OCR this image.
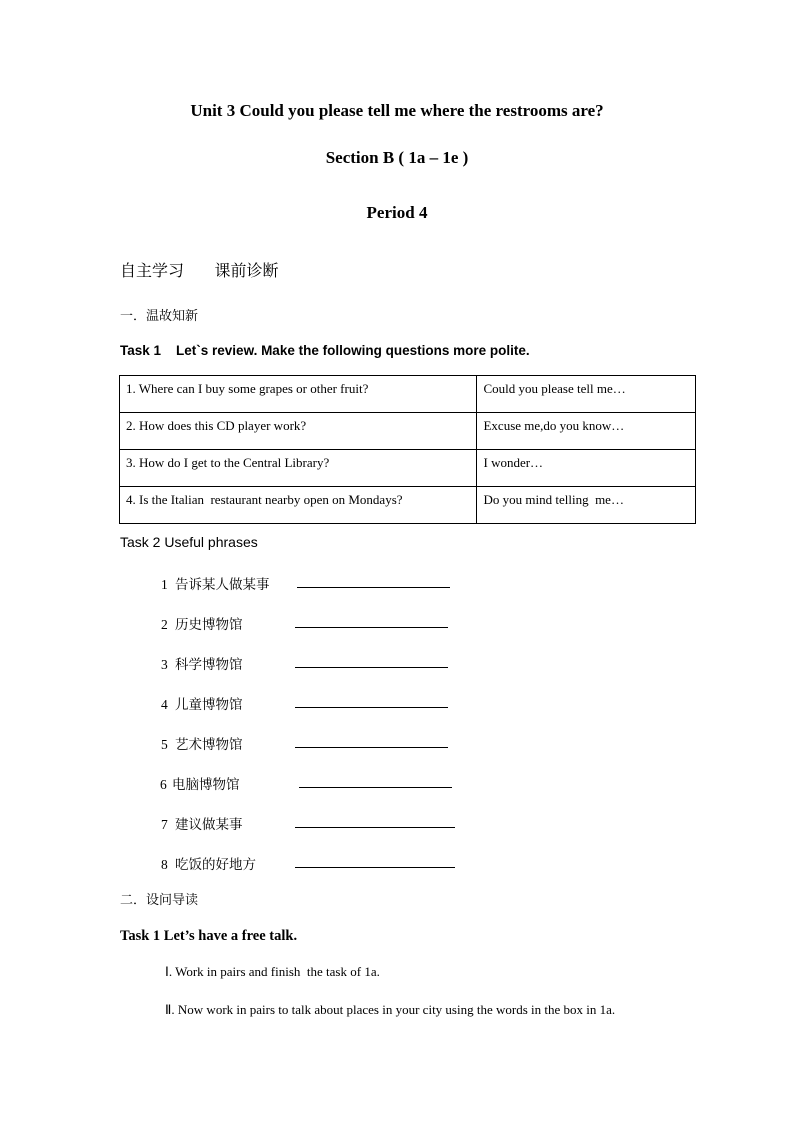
Unit 3 Could you please tell me where the restrooms are?
Section B ( 1a – 1e )
Period 4
自主学习      课前诊断
一．温故知新
Task 1    Let`s review. Make the following questions more polite.
1. Where can I buy some grapes or other fruit?	Could you please tell me…
2. How does this CD player work?	Excuse me,do you know…
3. How do I get to the Central Library?	I wonder…
4. Is the Italian  restaurant nearby open on Mondays?	Do you mind telling  me…
Task 2 Useful phrases
1 告诉某人做某事
2 历史博物馆
3 科学博物馆
4 儿童博物馆
5 艺术博物馆
6 电脑博物馆
7 建议做某事
8 吃饭的好地方
二．设问导读
Task 1 Let’s have a free talk.
Ⅰ. Work in pairs and finish  the task of 1a.
Ⅱ. Now work in pairs to talk about places in your city using the words in the box in 1a.
